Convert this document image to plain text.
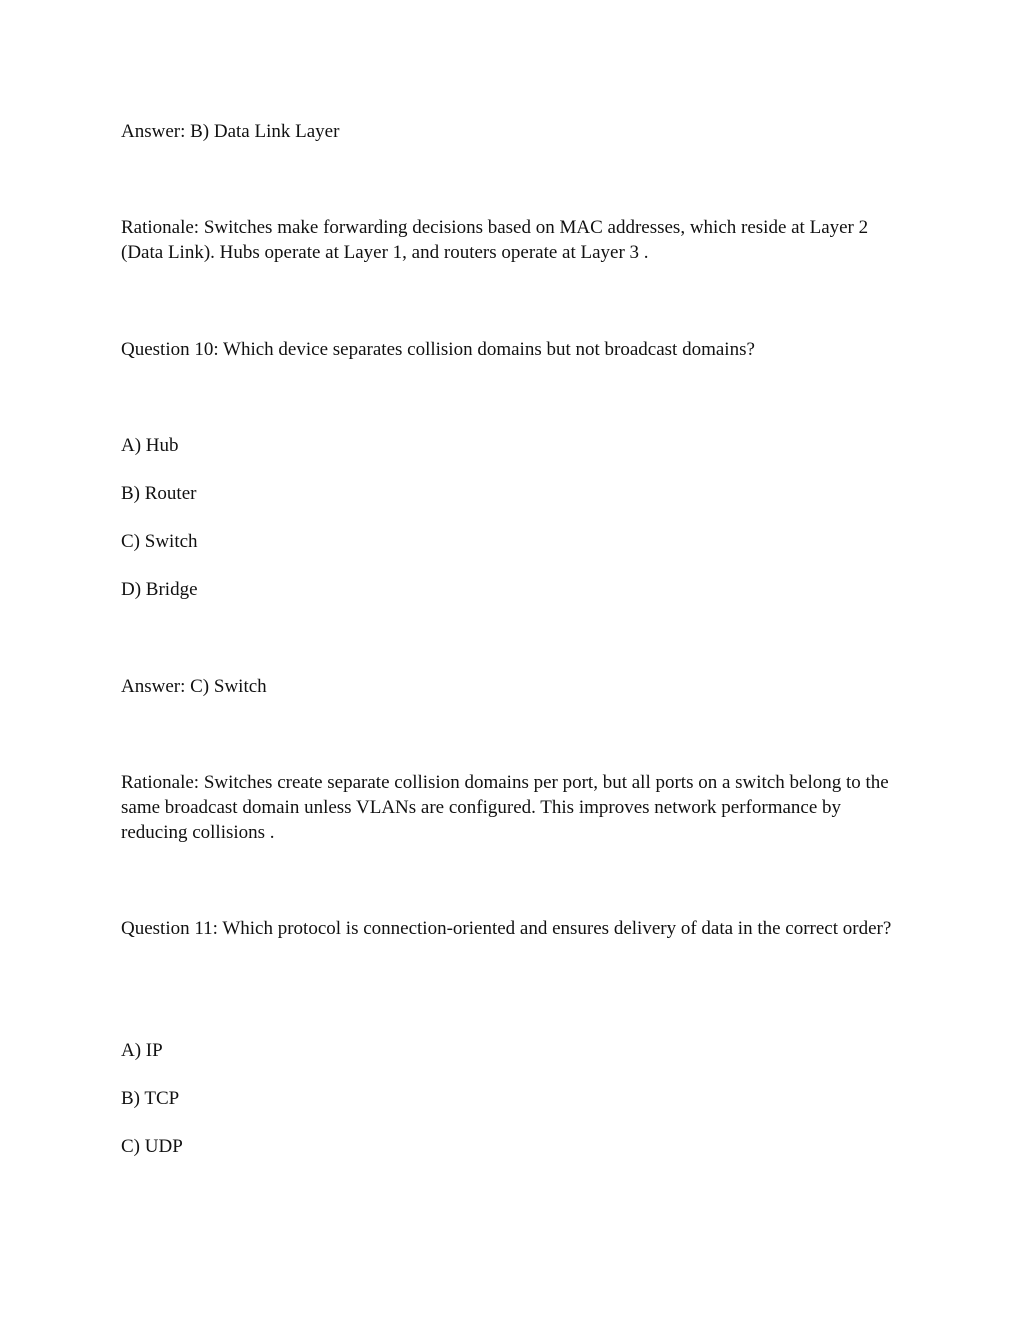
Answer: B) Data Link Layer
Rationale: Switches make forwarding decisions based on MAC addresses, which reside at Layer 2 (Data Link). Hubs operate at Layer 1, and routers operate at Layer 3 .
Question 10: Which device separates collision domains but not broadcast domains?
A) Hub
B) Router
C) Switch
D) Bridge
Answer: C) Switch
Rationale: Switches create separate collision domains per port, but all ports on a switch belong to the same broadcast domain unless VLANs are configured. This improves network performance by reducing collisions .
Question 11: Which protocol is connection-oriented and ensures delivery of data in the correct order?
A) IP
B) TCP
C) UDP
